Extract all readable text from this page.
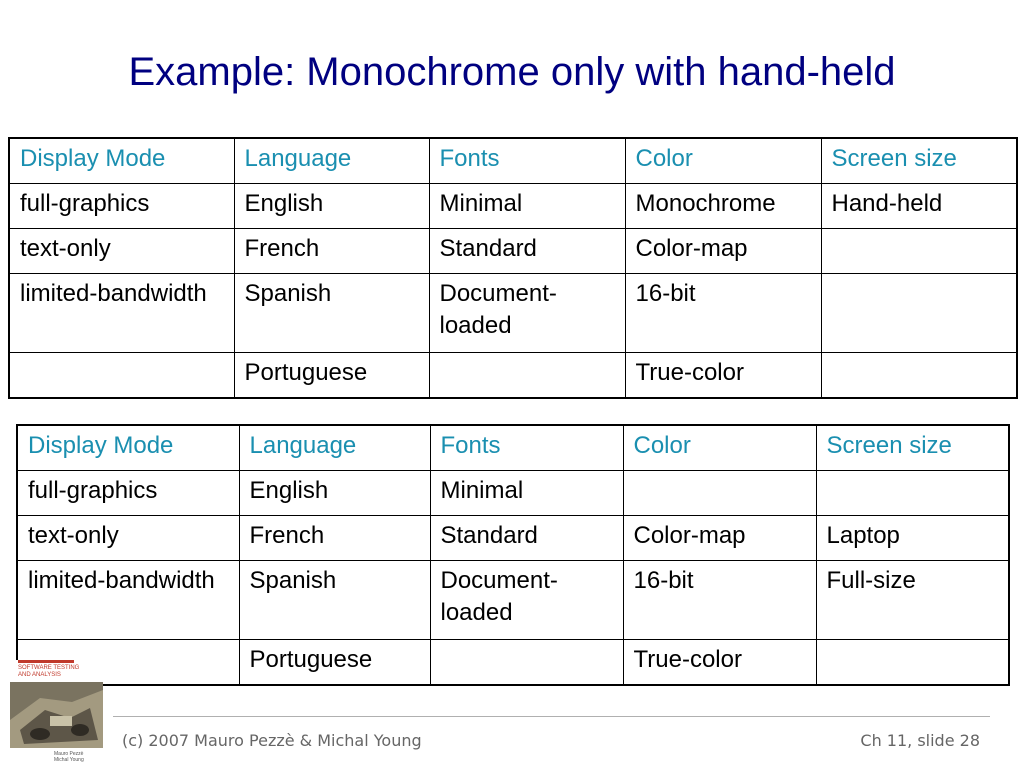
Example: Monochrome only with hand-held
Display Mode	Language	Fonts	Color	Screen size
full-graphics	English	Minimal	Monochrome	Hand-held
text-only	French	Standard	Color-map	
limited-bandwidth	Spanish	Document-loaded	16-bit	
	Portuguese		True-color	
Display Mode	Language	Fonts	Color	Screen size
full-graphics	English	Minimal		
text-only	French	Standard	Color-map	Laptop
limited-bandwidth	Spanish	Document-loaded	16-bit	Full-size
	Portuguese		True-color	
SOFTWARE TESTING
AND ANALYSIS
Mauro Pezzè
Michal Young
(c) 2007 Mauro Pezzè & Michal Young	Ch 11, slide 28
